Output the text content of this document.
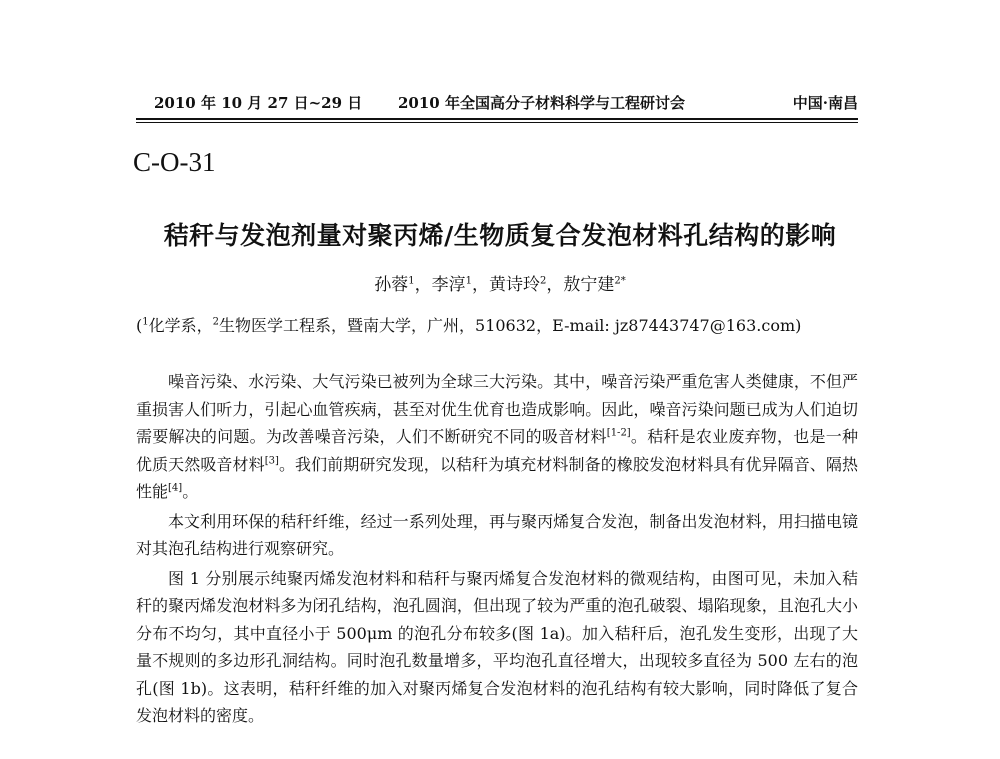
2010 年 10 月 27 日~29 日 2010 年全国高分子材料科学与工程研讨会	中国·南昌
C-O-31
秸秆与发泡剂量对聚丙烯/生物质复合发泡材料孔结构的影响
孙蓉$^1$，李淳$^1$，黄诗玲$^2$，敖宁建$^{2*}$
($^1$化学系，$^2$生物医学工程系，暨南大学，广州，510632，E-mail: jz87443747@163.com)

噪音污染、水污染、大气污染已被列为全球三大污染。其中，噪音污染严重危害人类健康，不但严重损害人们听力，引起心血管疾病，甚至对优生优育也造成影响。因此，噪音污染问题已成为人们迫切需要解决的问题。为改善噪音污染，人们不断研究不同的吸音材料[1-2]。秸秆是农业废弃物，也是一种优质天然吸音材料[3]。我们前期研究发现，以秸秆为填充材料制备的橡胶发泡材料具有优异隔音、隔热性能[4]。

本文利用环保的秸秆纤维，经过一系列处理，再与聚丙烯复合发泡，制备出发泡材料，用扫描电镜对其泡孔结构进行观察研究。

图 1 分别展示纯聚丙烯发泡材料和秸秆与聚丙烯复合发泡材料的微观结构，由图可见，未加入秸秆的聚丙烯发泡材料多为闭孔结构，泡孔圆润，但出现了较为严重的泡孔破裂、塌陷现象，且泡孔大小分布不均匀，其中直径小于 500μm 的泡孔分布较多(图 1a)。加入秸秆后，泡孔发生变形，出现了大量不规则的多边形孔洞结构。同时泡孔数量增多，平均泡孔直径增大，出现较多直径为 500 左右的泡孔(图 1b)。这表明，秸秆纤维的加入对聚丙烯复合发泡材料的泡孔结构有较大影响，同时降低了复合发泡材料的密度。
